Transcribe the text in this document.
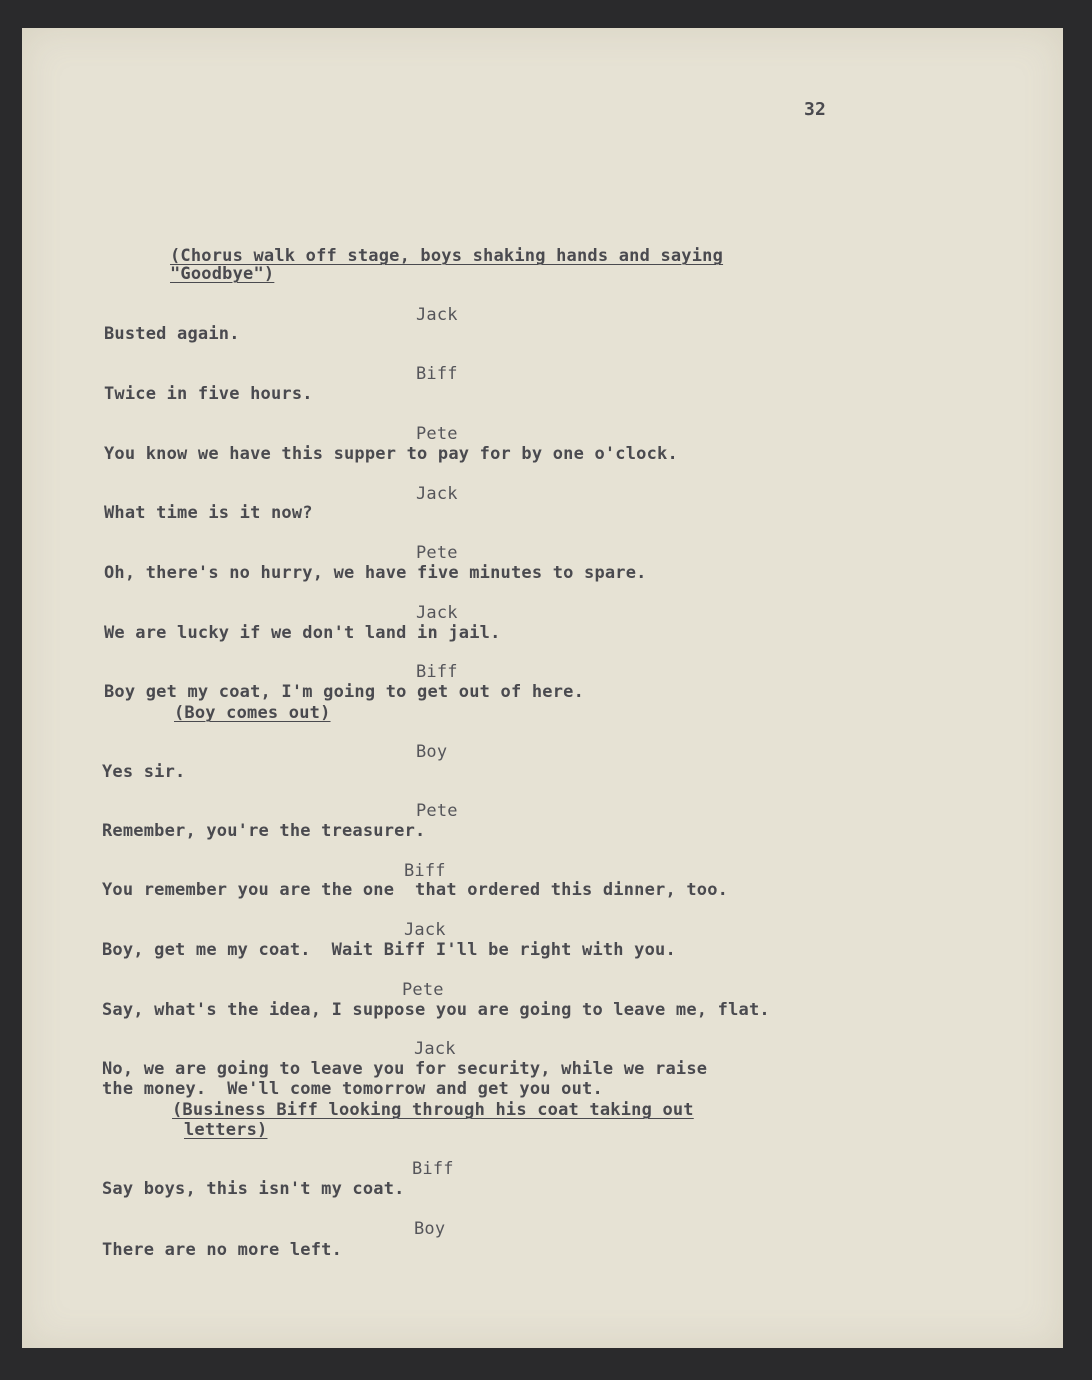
32
(Chorus walk off stage, boys shaking hands and saying
"Goodbye")
Jack
Busted again.
Biff
Twice in five hours.
Pete
You know we have this supper to pay for by one o'clock.
Jack
What time is it now?
Pete
Oh, there's no hurry, we have five minutes to spare.
Jack
We are lucky if we don't land in jail.
Biff
Boy get my coat, I'm going to get out of here.
(Boy comes out)
Boy
Yes sir.
Pete
Remember, you're the treasurer.
Biff
You remember you are the one  that ordered this dinner, too.
Jack
Boy, get me my coat.  Wait Biff I'll be right with you.
Pete
Say, what's the idea, I suppose you are going to leave me, flat.
Jack
No, we are going to leave you for security, while we raise
the money.  We'll come tomorrow and get you out.
(Business Biff looking through his coat taking out
letters)
Biff
Say boys, this isn't my coat.
Boy
There are no more left.
